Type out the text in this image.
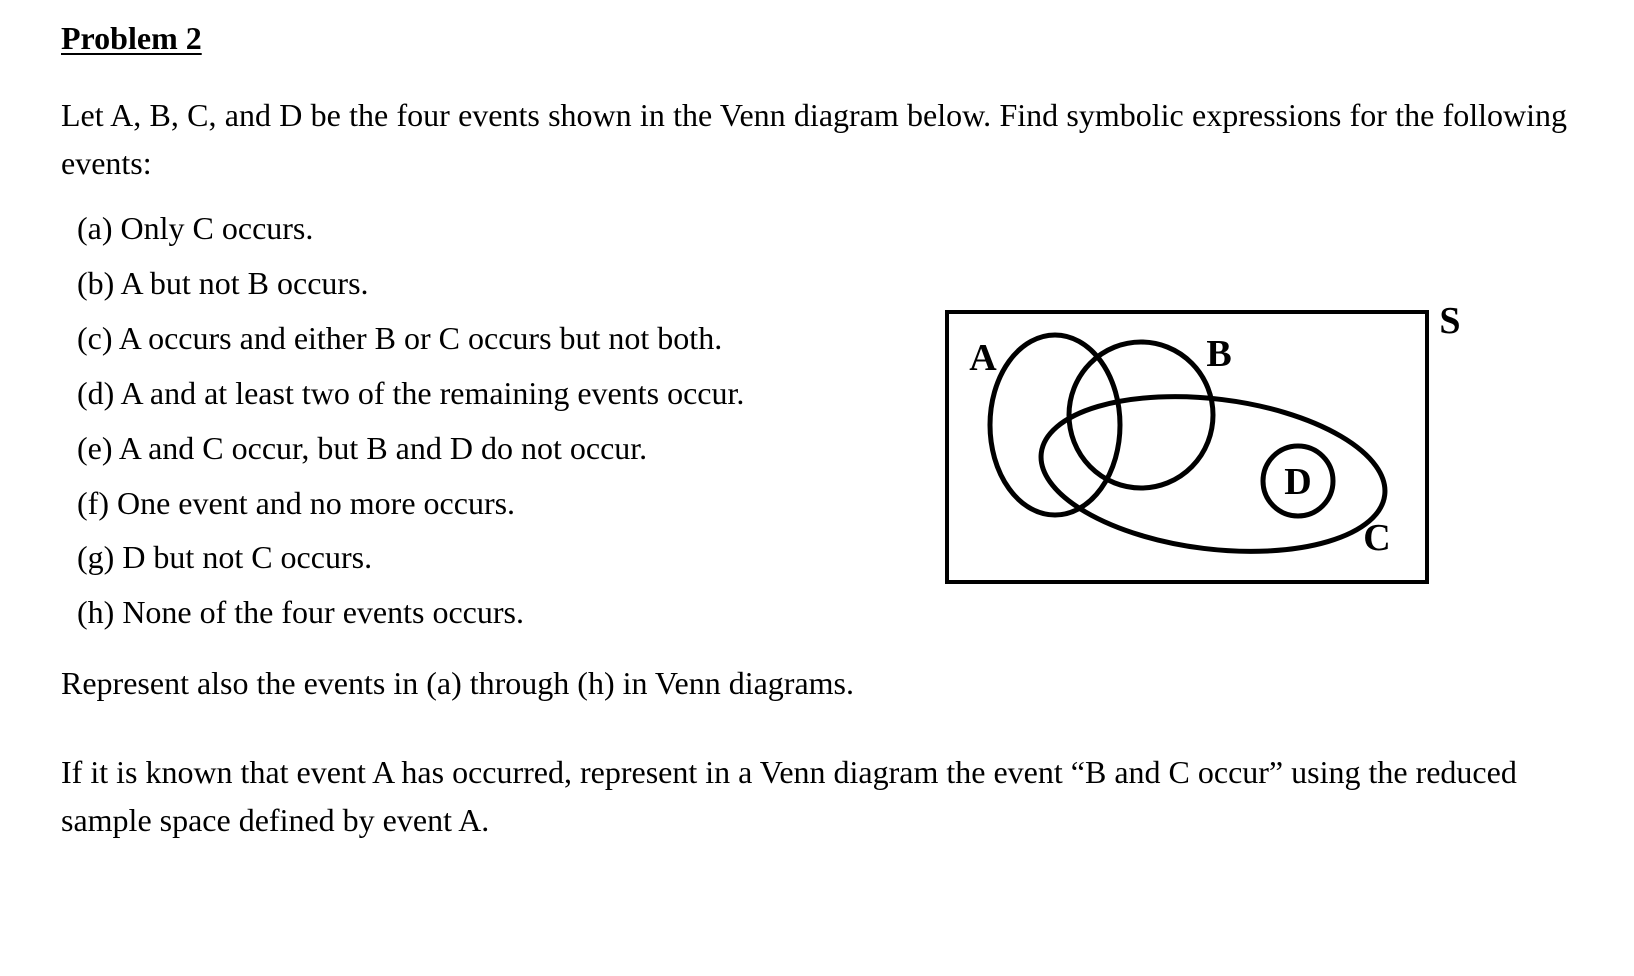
Problem 2
Let A, B, C, and D be the four events shown in the Venn diagram below. Find symbolic expressions for the following events:
(a) Only C occurs.
(b) A but not B occurs.
(c) A occurs and either B or C occurs but not both.
(d) A and at least two of the remaining events occur.
(e) A and C occur, but B and D do not occur.
(f) One event and no more occurs.
(g) D but not C occurs.
(h) None of the four events occurs.
Represent also the events in (a) through (h) in Venn diagrams.
If it is known that event A has occurred, represent in a Venn diagram the event “B and C occur” using the reduced sample space defined by event A.
S
A	B
C
D
